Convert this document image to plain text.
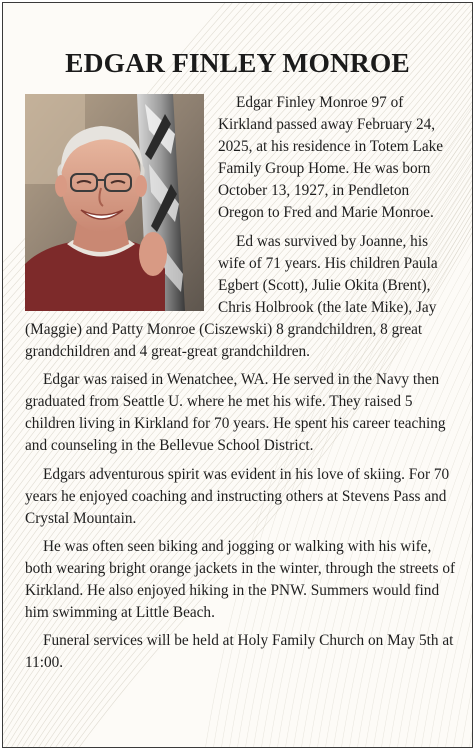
EDGAR FINLEY MONROE

Edgar Finley Monroe 97 of Kirkland passed away February 24, 2025, at his residence in Totem Lake Family Group Home. He was born October 13, 1927, in Pendleton Oregon to Fred and Marie Monroe.

Ed was survived by Joanne, his wife of 71 years. His children Paula Egbert (Scott), Julie Okita (Brent), Chris Holbrook (the late Mike), Jay (Maggie) and Patty Monroe (Ciszewski) 8 grandchildren, 8 great grandchildren and 4 great-great grandchildren.

Edgar was raised in Wenatchee, WA. He served in the Navy then graduated from Seattle U. where he met his wife. They raised 5 children living in Kirkland for 70 years. He spent his career teaching and counseling in the Bellevue School District.

Edgars adventurous spirit was evident in his love of skiing. For 70 years he enjoyed coaching and instructing others at Stevens Pass and Crystal Mountain.

He was often seen biking and jogging or walking with his wife, both wearing bright orange jackets in the winter, through the streets of Kirkland. He also enjoyed hiking in the PNW. Summers would find him swimming at Little Beach.

Funeral services will be held at Holy Family Church on May 5th at 11:00.
